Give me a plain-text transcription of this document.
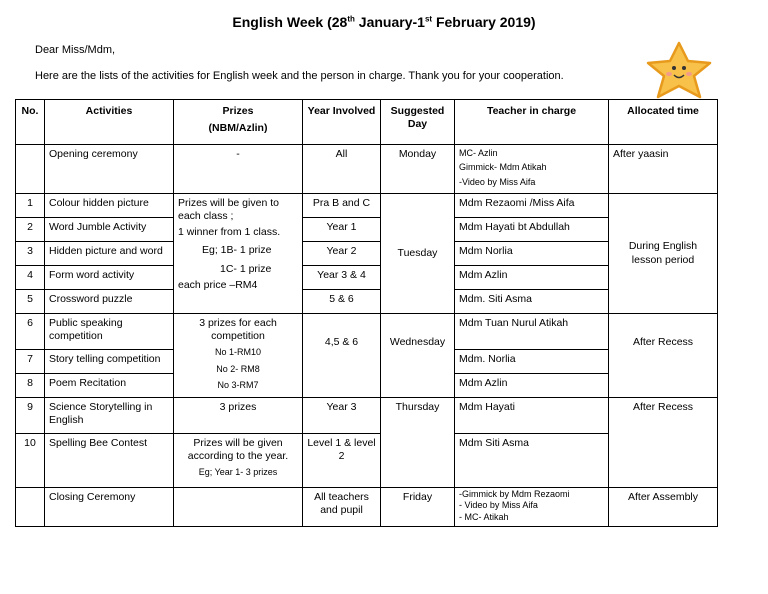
English Week (28th January-1st February 2019)
Dear Miss/Mdm,
Here are the lists of the activities for English week and the person in charge. Thank you for your cooperation.
No.	Activities	Prizes
(NBM/Azlin)	Year Involved	Suggested Day	Teacher in charge	Allocated time
	Opening ceremony	-	All	Monday	MC- Azlin
Gimmick- Mdm Atikah
-Video by Miss Aifa	After yaasin
1	Colour hidden picture	Prizes will be given to each class ;
1 winner from 1 class.
Eg; 1B- 1 prize
1C- 1 prize
each price –RM4	Pra B and C	Tuesday	Mdm Rezaomi /Miss Aifa	During English lesson period
2	Word Jumble Activity		Year 1		Mdm Hayati bt Abdullah	
3	Hidden picture and word		Year 2		Mdm Norlia	
4	Form word activity		Year 3 & 4		Mdm Azlin	
5	Crossword puzzle		5 & 6		Mdm. Siti Asma	
6	Public speaking competition	3 prizes for each competition
No 1-RM10
No 2- RM8
No 3-RM7	4,5 & 6	Wednesday	Mdm Tuan Nurul Atikah	After Recess
7	Story telling competition				Mdm. Norlia	
8	Poem Recitation				Mdm Azlin	
9	Science Storytelling in English	3 prizes	Year 3	Thursday	Mdm Hayati	After Recess
10	Spelling Bee Contest	Prizes will be given according to the year.
Eg; Year 1- 3 prizes	Level 1 & level 2		Mdm Siti Asma	
	Closing Ceremony		All teachers and pupil	Friday	-Gimmick by Mdm Rezaomi
- Video by Miss Aifa
- MC- Atikah	After Assembly
